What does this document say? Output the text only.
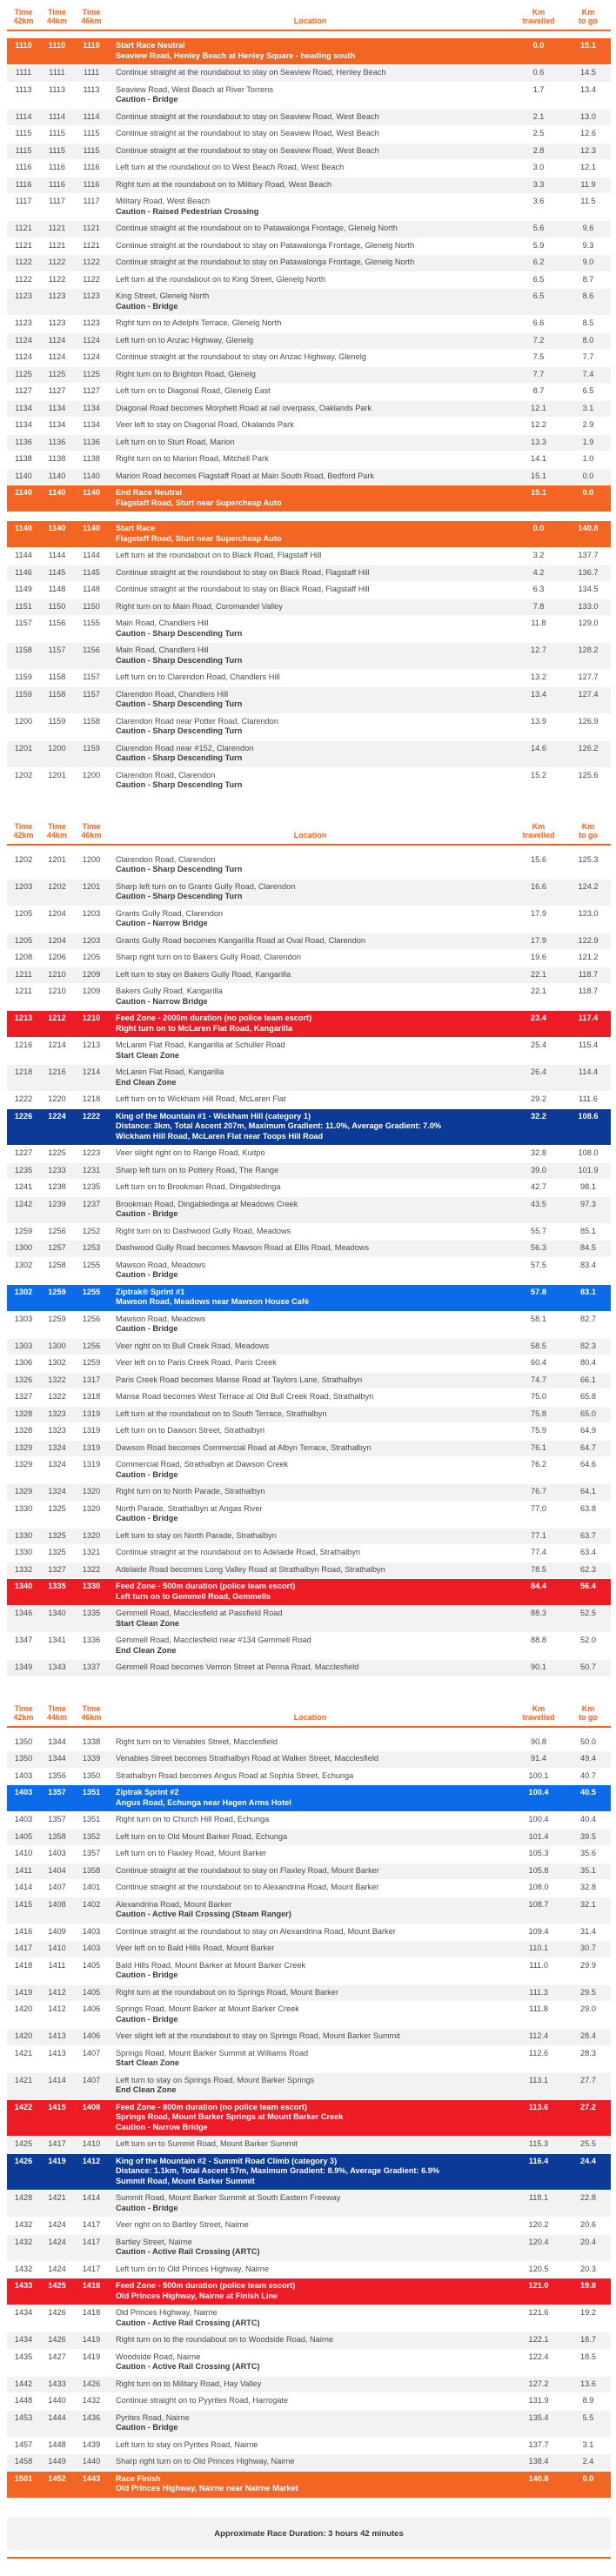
Time
42km	Time
44km	Time
46km	Location	Km
travelled	Km
to go

1110	1110	1110	Start Race Neutral
Seaview Road, Henley Beach at Henley Square - heading south	0.0	15.1
1111	1111	1111	Continue straight at the roundabout to stay on Seaview Road, Henley Beach	0.6	14.5
1113	1113	1113	Seaview Road, West Beach at River Torrens
Caution - Bridge	1.7	13.4
1114	1114	1114	Continue straight at the roundabout to stay on Seaview Road, West Beach	2.1	13.0
1115	1115	1115	Continue straight at the roundabout to stay on Seaview Road, West Beach	2.5	12.6
1115	1115	1115	Continue straight at the roundabout to stay on Seaview Road, West Beach	2.8	12.3
1116	1116	1116	Left turn at the roundabout on to West Beach Road, West Beach	3.0	12.1
1116	1116	1116	Right turn at the roundabout on to Military Road, West Beach	3.3	11.9
1117	1117	1117	Military Road, West Beach
Caution - Raised Pedestrian Crossing	3.6	11.5
1121	1121	1121	Continue straight at the roundabout on to Patawalonga Frontage, Glenelg North	5.6	9.6
1121	1121	1121	Continue straight at the roundabout to stay on Patawalonga Frontage, Glenelg North	5.9	9.3
1122	1122	1122	Continue straight at the roundabout to stay on Patawalonga Frontage, Glenelg North	6.2	9.0
1122	1122	1122	Left turn at the roundabout on to King Street, Glenelg North	6.5	8.7
1123	1123	1123	King Street, Glenelg North
Caution - Bridge	6.5	8.6
1123	1123	1123	Right turn on to Adelphi Terrace, Glenelg North	6.6	8.5
1124	1124	1124	Left turn on to Anzac Highway, Glenelg	7.2	8.0
1124	1124	1124	Continue straight at the roundabout to stay on Anzac Highway, Glenelg	7.5	7.7
1125	1125	1125	Right turn on to Brighton Road, Glenelg	7.7	7.4
1127	1127	1127	Left turn on to Diagonal Road, Glenelg East	8.7	6.5
1134	1134	1134	Diagonal Road becomes Morphett Road at rail overpass, Oaklands Park	12.1	3.1
1134	1134	1134	Veer left to stay on Diagonal Road, Okalands Park	12.2	2.9
1136	1136	1136	Left turn on to Sturt Road, Marion	13.3	1.9
1138	1138	1138	Right turn on to Marion Road, Mitchell Park	14.1	1.0
1140	1140	1140	Marion Road becomes Flagstaff Road at Main South Road, Bedford Park	15.1	0.0
1140	1140	1140	End Race Neutral
Flagstaff Road, Sturt near Supercheap Auto	15.1	0.0

1140	1140	1140	Start Race
Flagstaff Road, Sturt near Supercheap Auto	0.0	140.8
1144	1144	1144	Left turn at the roundabout on to Black Road, Flagstaff Hill	3.2	137.7
1146	1145	1145	Continue straight at the roundabout to stay on Black Road, Flagstaff Hill	4.2	136.7
1149	1148	1148	Continue straight at the roundabout to stay on Black Road, Flagstaff Hill	6.3	134.5
1151	1150	1150	Right turn on to Main Road, Coromandel Valley	7.8	133.0
1157	1156	1155	Main Road, Chandlers Hill
Caution - Sharp Descending Turn	11.8	129.0
1158	1157	1156	Main Road, Chandlers Hill
Caution - Sharp Descending Turn	12.7	128.2
1159	1158	1157	Left turn on to Clarendon Road, Chandlers Hill	13.2	127.7
1159	1158	1157	Clarendon Road, Chandlers Hill
Caution - Sharp Descending Turn	13.4	127.4
1200	1159	1158	Clarendon Road near Potter Road, Clarendon
Caution - Sharp Descending Turn	13.9	126.9
1201	1200	1159	Clarendon Road near #152, Clarendon
Caution - Sharp Descending Turn	14.6	126.2
1202	1201	1200	Clarendon Road, Clarendon
Caution - Sharp Descending Turn	15.2	125.6
Time
42km	Time
44km	Time
46km	Location	Km
travelled	Km
to go

1202	1201	1200	Clarendon Road, Clarendon
Caution - Sharp Descending Turn	15.6	125.3
1203	1202	1201	Sharp left turn on to Grants Gully Road, Clarendon
Caution - Sharp Descending Turn	16.6	124.2
1205	1204	1203	Grants Gully Road, Clarendon
Caution - Narrow Bridge	17.9	123.0
1205	1204	1203	Grants Gully Road becomes Kangarilla Road at Oval Road, Clarendon	17.9	122.9
1208	1206	1205	Sharp right turn on to Bakers Gully Road, Clarendon	19.6	121.2
1211	1210	1209	Left turn to stay on Bakers Gully Road, Kangarilla	22.1	118.7
1211	1210	1209	Bakers Gully Road, Kangarilla
Caution - Narrow Bridge	22.1	118.7
1213	1212	1210	Feed Zone - 2000m duration (no police team escort)
Right turn on to McLaren Flat Road, Kangarilla	23.4	117.4
1216	1214	1213	McLaren Flat Road, Kangarilla at Schuller Road
Start Clean Zone	25.4	115.4
1218	1216	1214	McLaren Flat Road, Kangarilla
End Clean Zone	26.4	114.4
1222	1220	1218	Left turn on to Wickham Hill Road, McLaren Flat	29.2	111.6
1226	1224	1222	King of the Mountain #1 - Wickham Hill (category 1)
Distance: 3km, Total Ascent 207m, Maximum Gradient: 11.0%, Average Gradient: 7.0%
Wickham Hill Road, McLaren Flat near Toops Hill Road	32.2	108.6
1227	1225	1223	Veer slight right on to Range Road, Kuitpo	32.8	108.0
1235	1233	1231	Sharp left turn on to Pottery Road, The Range	39.0	101.9
1241	1238	1235	Left turn on to Brookman Road, Dingabledinga	42.7	98.1
1242	1239	1237	Brookman Road, Dingabledinga at Meadows Creek
Caution - Bridge	43.5	97.3
1259	1256	1252	Right turn on to Dashwood Gully Road, Meadows	55.7	85.1
1300	1257	1253	Dashwood Gully Road becomes Mawson Road at Ellis Road, Meadows	56.3	84.5
1302	1258	1255	Mawson Road, Meadows
Caution - Bridge	57.5	83.4
1302	1259	1255	Ziptrak® Sprint #1
Mawson Road, Meadows near Mawson House Café	57.8	83.1
1303	1259	1256	Mawson Road, Meadows
Caution - Bridge	58.1	82.7
1303	1300	1256	Veer right on to Bull Creek Road, Meadows	58.5	82.3
1306	1302	1259	Veer left on to Paris Creek Road, Paris Creek	60.4	80.4
1326	1322	1317	Paris Creek Road becomes Manse Road at Taylors Lane, Strathalbyn	74.7	66.1
1327	1322	1318	Manse Road becomes West Terrace at Old Bull Creek Road, Strathalbyn	75.0	65.8
1328	1323	1319	Left turn at the roundabout on to South Terrace, Strathalbyn	75.8	65.0
1328	1323	1319	Left turn on to Dawson Street, Strathalbyn	75.9	64.9
1329	1324	1319	Dawson Road becomes Commercial Road at Albyn Terrace, Strathalbyn	76.1	64.7
1329	1324	1319	Commercial Road, Strathalbyn at Dawson Creek
Caution - Bridge	76.2	64.6
1329	1324	1320	Right turn on to North Parade, Strathalbyn	76.7	64.1
1330	1325	1320	North Parade, Strathalbyn at Angas River
Caution - Bridge	77.0	63.8
1330	1325	1320	Left turn to stay on North Parade, Strathalbyn	77.1	63.7
1330	1325	1321	Continue straight at the roundabout on to Adelaide Road, Strathalbyn	77.4	63.4
1332	1327	1322	Adelaide Road becomes Long Valley Road at Strathalbyn Road, Strathalbyn	78.5	62.3
1340	1335	1330	Feed Zone - 500m duration (police team escort)
Left turn on to Gemmell Road, Gemmells	84.4	56.4
1346	1340	1335	Gemmell Road, Macclesfield at Passfield Road
Start Clean Zone	88.3	52.5
1347	1341	1336	Gemmell Road, Macclesfield near #134 Gemmell Road
End Clean Zone	88.8	52.0
1349	1343	1337	Gemmell Road becomes Vernon Street at Penna Road, Macclesfield	90.1	50.7
Time
42km	Time
44km	Time
46km	Location	Km
travelled	Km
to go

1350	1344	1338	Right turn on to Venables Street, Macclesfield	90.8	50.0
1350	1344	1339	Venables Street becomes Strathalbyn Road at Walker Street, Macclesfield	91.4	49.4
1403	1356	1350	Strathalbyn Road becomes Angus Road at Sophia Street, Echunga	100.1	40.7
1403	1357	1351	Ziptrak Sprint #2
Angus Road, Echunga near Hagen Arms Hotel	100.4	40.5
1403	1357	1351	Right turn on to Church Hill Road, Echunga	100.4	40.4
1405	1358	1352	Left turn on to Old Mount Barker Road, Echunga	101.4	39.5
1410	1403	1357	Left turn on to Flaxley Road, Mount Barker	105.3	35.6
1411	1404	1358	Continue straight at the roundabout to stay on Flaxley Road, Mount Barker	105.8	35.1
1414	1407	1401	Continue straight at the roundabout on to Alexandrina Road, Mount Barker	108.0	32.8
1415	1408	1402	Alexandrina Road, Mount Barker
Caution - Active Rail Crossing (Steam Ranger)	108.7	32.1
1416	1409	1403	Continue straight at the roundabout to stay on Alexandrina Road, Mount Barker	109.4	31.4
1417	1410	1403	Veer left on to Bald Hills Road, Mount Barker	110.1	30.7
1418	1411	1405	Bald Hills Road, Mount Barker at Mount Barker Creek
Caution - Bridge	111.0	29.9
1419	1412	1405	Right turn at the roundabout on to Springs Road, Mount Barker	111.3	29.5
1420	1412	1406	Springs Road, Mount Barker at Mount Barker Creek
Caution - Bridge	111.8	29.0
1420	1413	1406	Veer slight left at the roundabout to stay on Springs Road, Mount Barker Summit	112.4	28.4
1421	1413	1407	Springs Road, Mount Barker Summit at Williams Road
Start Clean Zone	112.6	28.3
1421	1414	1407	Left turn to stay on Springs Road, Mount Barker Springs
End Clean Zone	113.1	27.7
1422	1415	1408	Feed Zone - 800m duration (no police team escort)
Springs Road, Mount Barker Springs at Mount Barker Creek
Caution - Narrow Bridge	113.6	27.2
1425	1417	1410	Left turn on to Summit Road, Mount Barker Summit	115.3	25.5
1426	1419	1412	King of the Mountain #2 - Summit Road Climb (category 3)
Distance: 1.1km, Total Ascent 57m, Maximum Gradient: 8.9%, Average Gradient: 6.9%
Summit Road, Mount Barker Summit	116.4	24.4
1428	1421	1414	Summit Road, Mount Barker Summit at South Eastern Freeway
Caution - Bridge	118.1	22.8
1432	1424	1417	Veer right on to Bartley Street, Nairne	120.2	20.6
1432	1424	1417	Bartley Street, Nairne
Caution - Active Rail Crossing (ARTC)	120.4	20.4
1432	1424	1417	Left turn on to Old Princes Highway, Nairne	120.5	20.3
1433	1425	1418	Feed Zone - 500m duration (police team escort)
Old Princes Highway, Nairne at Finish Line	121.0	19.8
1434	1426	1418	Old Princes Highway, Nairne
Caution - Active Rail Crossing (ARTC)	121.6	19.2
1434	1426	1419	Right turn on to the roundabout on to Woodside Road, Nairne	122.1	18.7
1435	1427	1419	Woodside Road, Nairne
Caution - Active Rail Crossing (ARTC)	122.4	18.5
1442	1433	1426	Right turn on to Military Road, Hay Valley	127.2	13.6
1448	1440	1432	Continue straight on to Pyyrites Road, Harrogate	131.9	8.9
1453	1444	1436	Pyrites Road, Nairne
Caution - Bridge	135.4	5.5
1457	1448	1439	Left turn to stay on Pyrites Road, Nairne	137.7	3.1
1458	1449	1440	Sharp right turn on to Old Princes Highway, Nairne	138.4	2.4
1501	1452	1443	Race Finish
Old Princes Highway, Nairne near Nairne Market	140.8	0.0
Approximate Race Duration: 3 hours 42 minutes
